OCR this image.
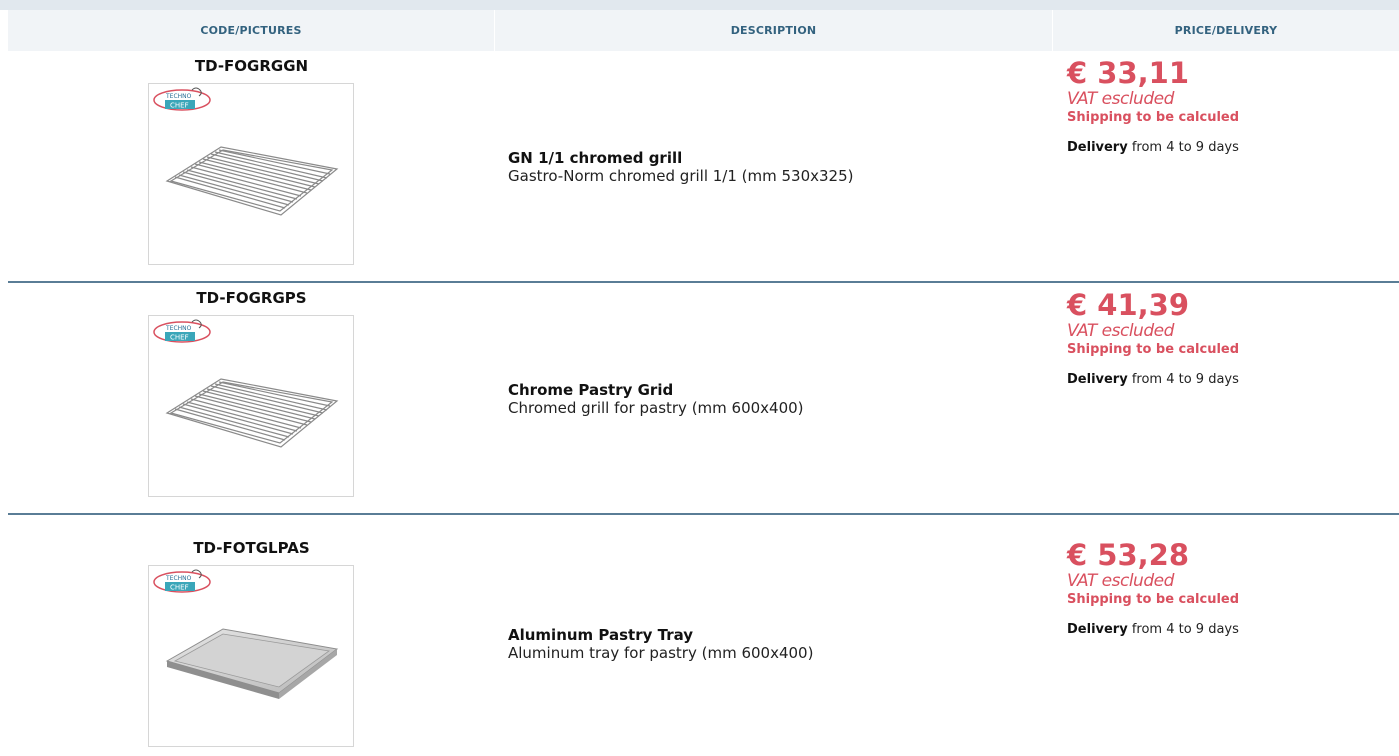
CODE/PICTURES	DESCRIPTION	PRICE/DELIVERY
TD-FOGRGGN
TECHNO
CHEF
GN 1/1 chromed grill
Gastro-Norm chromed grill 1/1 (mm 530x325)
€ 33,11
VAT escluded
Shipping to be calculed
Delivery from 4 to 9 days
TD-FOGRGPS
TECHNO
CHEF
Chrome Pastry Grid
Chromed grill for pastry (mm 600x400)
€ 41,39
VAT escluded
Shipping to be calculed
Delivery from 4 to 9 days
TD-FOTGLPAS
TECHNO
CHEF
Aluminum Pastry Tray
Aluminum tray for pastry (mm 600x400)
€ 53,28
VAT escluded
Shipping to be calculed
Delivery from 4 to 9 days
